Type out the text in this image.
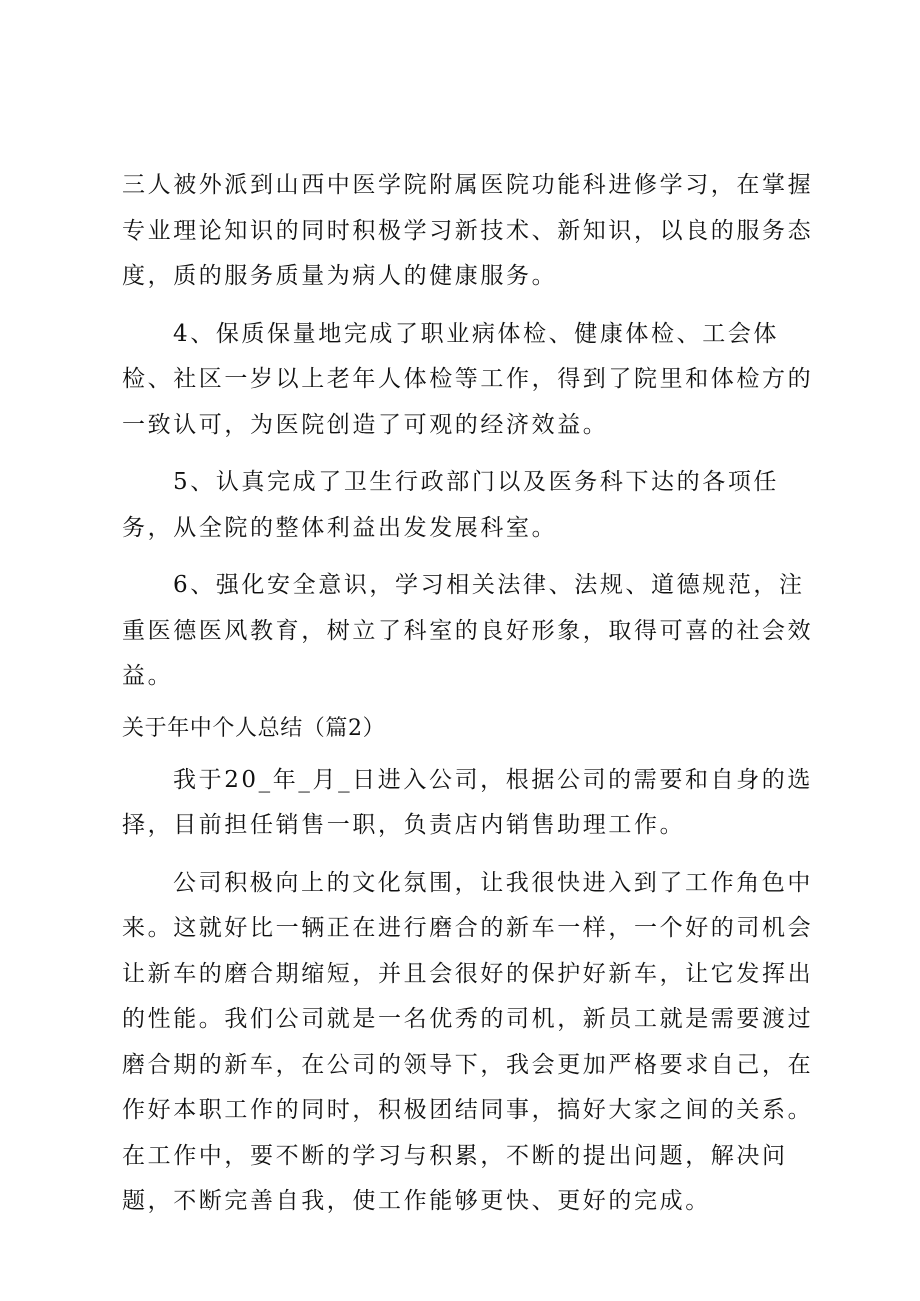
三人被外派到山西中医学院附属医院功能科进修学习，在掌握专业理论知识的同时积极学习新技术、新知识，以良的服务态度，质的服务质量为病人的健康服务。

4、保质保量地完成了职业病体检、健康体检、工会体检、社区一岁以上老年人体检等工作，得到了院里和体检方的一致认可，为医院创造了可观的经济效益。

5、认真完成了卫生行政部门以及医务科下达的各项任务，从全院的整体利益出发发展科室。

6、强化安全意识，学习相关法律、法规、道德规范，注重医德医风教育，树立了科室的良好形象，取得可喜的社会效益。

关于年中个人总结（篇2）

我于20_年_月_日进入公司，根据公司的需要和自身的选择，目前担任销售一职，负责店内销售助理工作。

公司积极向上的文化氛围，让我很快进入到了工作角色中来。这就好比一辆正在进行磨合的新车一样，一个好的司机会让新车的磨合期缩短，并且会很好的保护好新车，让它发挥出的性能。我们公司就是一名优秀的司机，新员工就是需要渡过磨合期的新车，在公司的领导下，我会更加严格要求自己，在作好本职工作的同时，积极团结同事，搞好大家之间的关系。在工作中，要不断的学习与积累，不断的提出问题，解决问题，不断完善自我，使工作能够更快、更好的完成。
